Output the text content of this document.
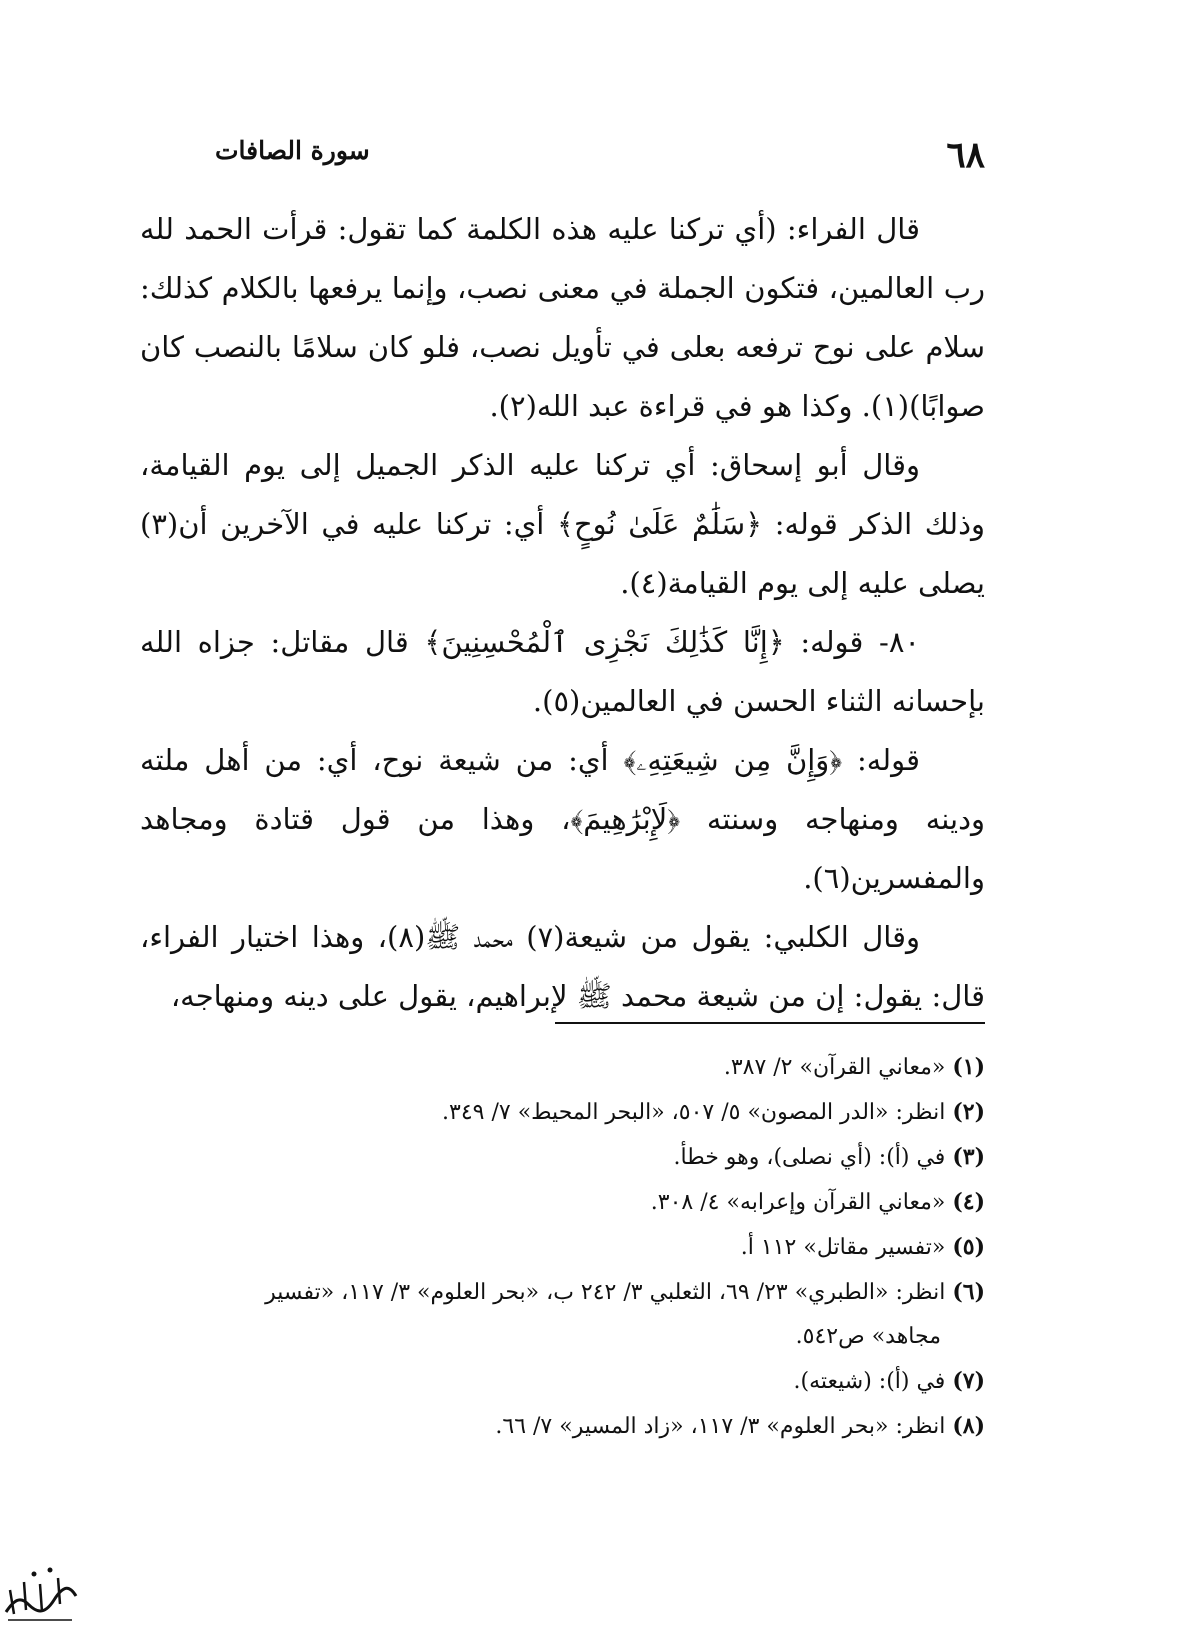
٦٨
سورة الصافات

قال الفراء: (أي تركنا عليه هذه الكلمة كما تقول: قرأت الحمد لله رب العالمين، فتكون الجملة في معنى نصب، وإنما يرفعها بالكلام كذلك: سلام على نوح ترفعه بعلى في تأويل نصب، فلو كان سلامًا بالنصب كان صوابًا)(١). وكذا هو في قراءة عبد الله(٢).

وقال أبو إسحاق: أي تركنا عليه الذكر الجميل إلى يوم القيامة، وذلك الذكر قوله: ﴿سَلَٰمٌ عَلَىٰ نُوحٍ﴾ أي: تركنا عليه في الآخرين أن(٣) يصلى عليه إلى يوم القيامة(٤).

٨٠- قوله: ﴿إِنَّا كَذَٰلِكَ نَجْزِى ٱلْمُحْسِنِينَ﴾ قال مقاتل: جزاه الله بإحسانه الثناء الحسن في العالمين(٥).

قوله: ﴿وَإِنَّ مِن شِيعَتِهِۦ﴾ أي: من شيعة نوح، أي: من أهل ملته ودينه ومنهاجه وسنته ﴿لَإِبْرَٰهِيمَ﴾، وهذا من قول قتادة ومجاهد والمفسرين(٦).

وقال الكلبي: يقول من شيعة(٧) محمد ﷺ(٨)، وهذا اختيار الفراء، قال: يقول: إن من شيعة محمد ﷺ لإبراهيم، يقول على دينه ومنهاجه،

(١) «معاني القرآن» ٢/ ٣٨٧.
(٢) انظر: «الدر المصون» ٥/ ٥٠٧، «البحر المحيط» ٧/ ٣٤٩.
(٣) في (أ): (أي نصلى)، وهو خطأ.
(٤) «معاني القرآن وإعرابه» ٤/ ٣٠٨.
(٥) «تفسير مقاتل» ١١٢ أ.
(٦) انظر: «الطبري» ٢٣/ ٦٩، الثعلبي ٣/ ٢٤٢ ب، «بحر العلوم» ٣/ ١١٧، «تفسير
مجاهد» ص٥٤٢.
(٧) في (أ): (شيعته).
(٨) انظر: «بحر العلوم» ٣/ ١١٧، «زاد المسير» ٧/ ٦٦.
